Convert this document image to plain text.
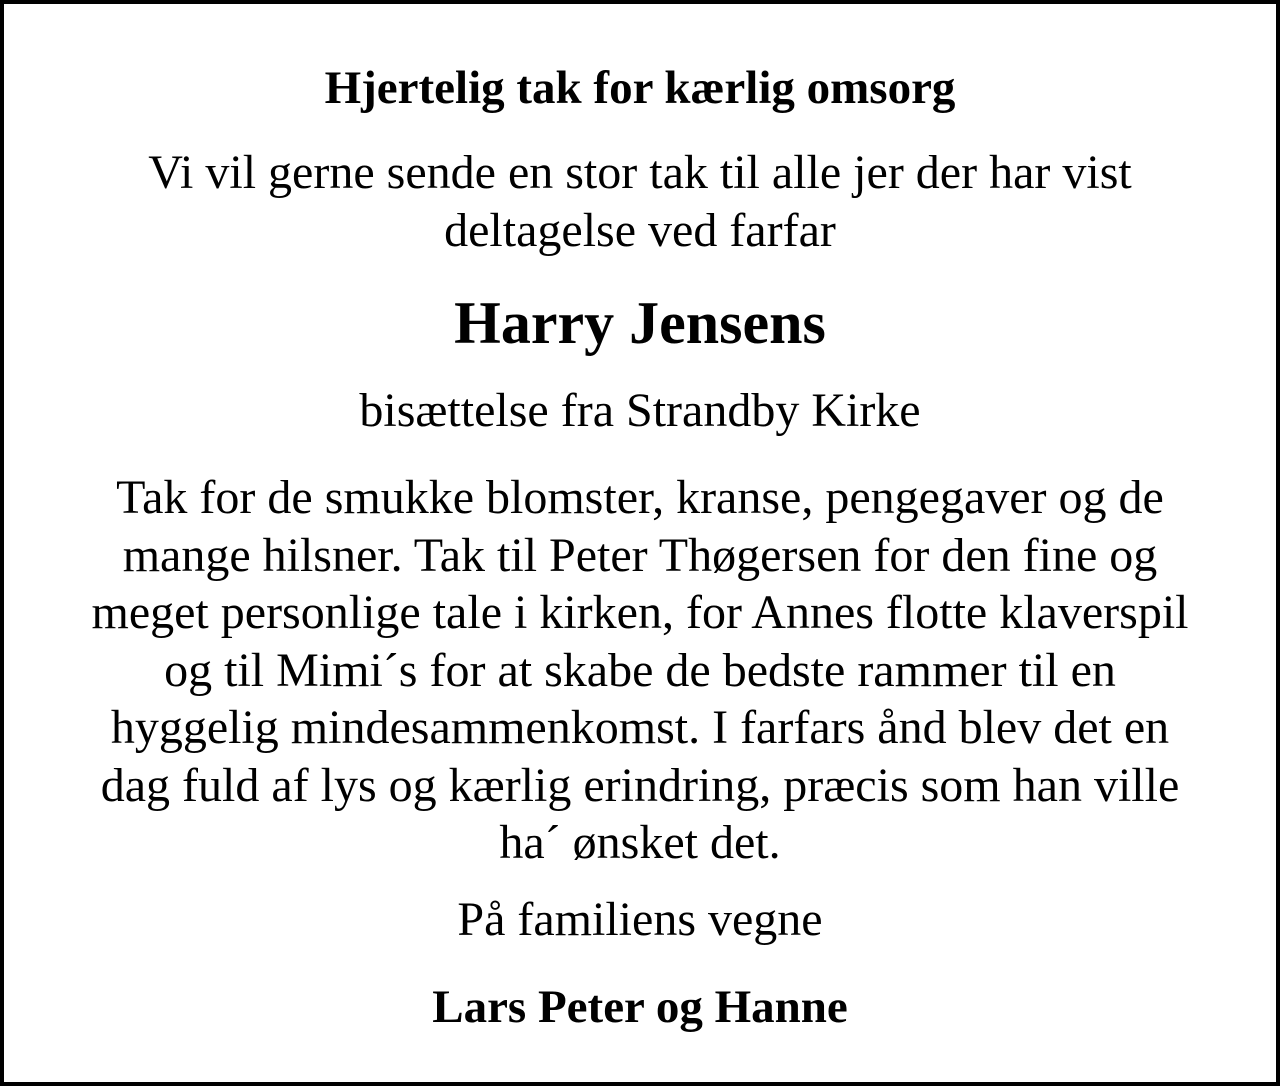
Hjertelig tak for kærlig omsorg

Vi vil gerne sende en stor tak til alle jer der har vist
deltagelse ved farfar

Harry Jensens

bisættelse fra Strandby Kirke

Tak for de smukke blomster, kranse, pengegaver og de
mange hilsner. Tak til Peter Thøgersen for den fine og
meget personlige tale i kirken, for Annes flotte klaverspil
og til Mimi´s for at skabe de bedste rammer til en
hyggelig mindesammenkomst. I farfars ånd blev det en
dag fuld af lys og kærlig erindring, præcis som han ville
ha´ ønsket det.

På familiens vegne

Lars Peter og Hanne
